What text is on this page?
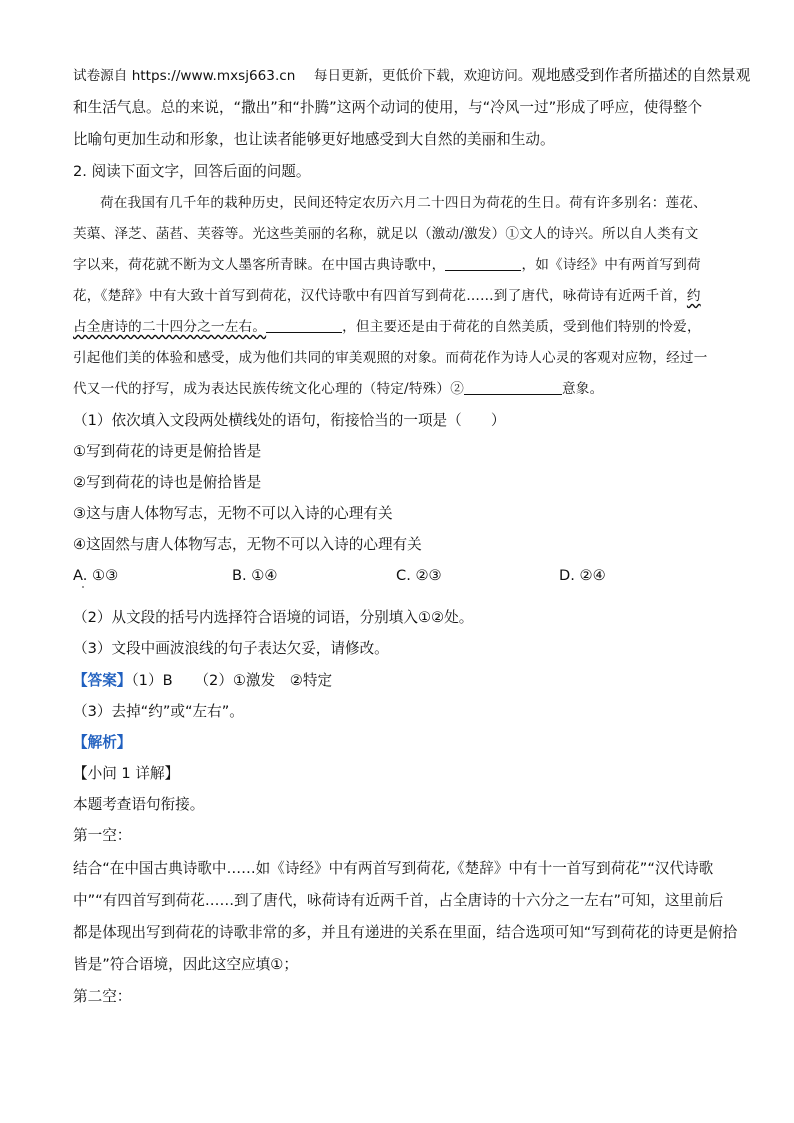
试卷源自 https://www.mxsj663.cn 每日更新，更低价下载，欢迎访问。观地感受到作者所描述的自然景观
和生活气息。总的来说，“撒出”和“扑腾”这两个动词的使用，与“冷风一过”形成了呼应，使得整个
比喻句更加生动和形象，也让读者能够更好地感受到大自然的美丽和生动。
2. 阅读下面文字，回答后面的问题。
荷在我国有几千年的栽种历史，民间还特定农历六月二十四日为荷花的生日。荷有许多别名：莲花、
芙蕖、泽芝、菡萏、芙蓉等。光这些美丽的名称，就足以（激动/激发）①文人的诗兴。所以自人类有文
字以来，荷花就不断为文人墨客所青睐。在中国古典诗歌中，	，如《诗经》中有两首写到荷
花，《楚辞》中有大致十首写到荷花，汉代诗歌中有四首写到荷花……到了唐代，咏荷诗有近两千首，约
占全唐诗的二十四分之一左右。	，但主要还是由于荷花的自然美质，受到他们特别的怜爱，
引起他们美的体验和感受，成为他们共同的审美观照的对象。而荷花作为诗人心灵的客观对应物，经过一
代又一代的抒写，成为表达民族传统文化心理的（特定/特殊）②	意象。
（1）依次填入文段两处横线处的语句，衔接恰当的一项是（　　）
①写到荷花的诗更是俯拾皆是
②写到荷花的诗也是俯拾皆是
③这与唐人体物写志，无物不可以入诗的心理有关
④这固然与唐人体物写志，无物不可以入诗的心理有关
A. ①③	B. ①④	C. ②③	D. ②④
（2）从文段的括号内选择符合语境的词语，分别填入①②处。
（3）文段中画波浪线的句子表达欠妥，请修改。
【答案】（1）B　　（2）①激发　②特定
（3）去掉“约”或“左右”。
【解析】
【小问 1 详解】
本题考查语句衔接。
第一空：
结合“在中国古典诗歌中……如《诗经》中有两首写到荷花,《楚辞》中有十一首写到荷花”“汉代诗歌
中”“有四首写到荷花……到了唐代，咏荷诗有近两千首，占全唐诗的十六分之一左右”可知，这里前后
都是体现出写到荷花的诗歌非常的多，并且有递进的关系在里面，结合选项可知“写到荷花的诗更是俯拾
皆是”符合语境，因此这空应填①；
第二空：
